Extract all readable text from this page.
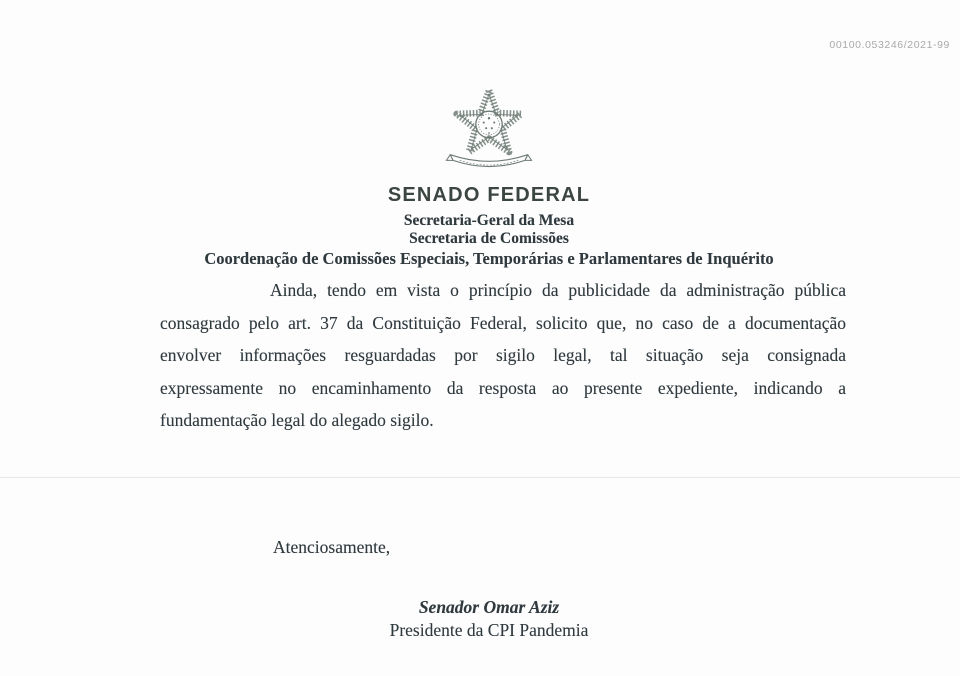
00100.053246/2021-99
SENADO FEDERAL
Secretaria-Geral da Mesa
Secretaria de Comissões
Coordenação de Comissões Especiais, Temporárias e Parlamentares de Inquérito
Ainda, tendo em vista o princípio da publicidade da administração pública
consagrado pelo art. 37 da Constituição Federal, solicito que, no caso de a documentação
envolver informações resguardadas por sigilo legal, tal situação seja consignada
expressamente no encaminhamento da resposta ao presente expediente, indicando a
fundamentação legal do alegado sigilo.
Atenciosamente,
Senador Omar Aziz
Presidente da CPI Pandemia
